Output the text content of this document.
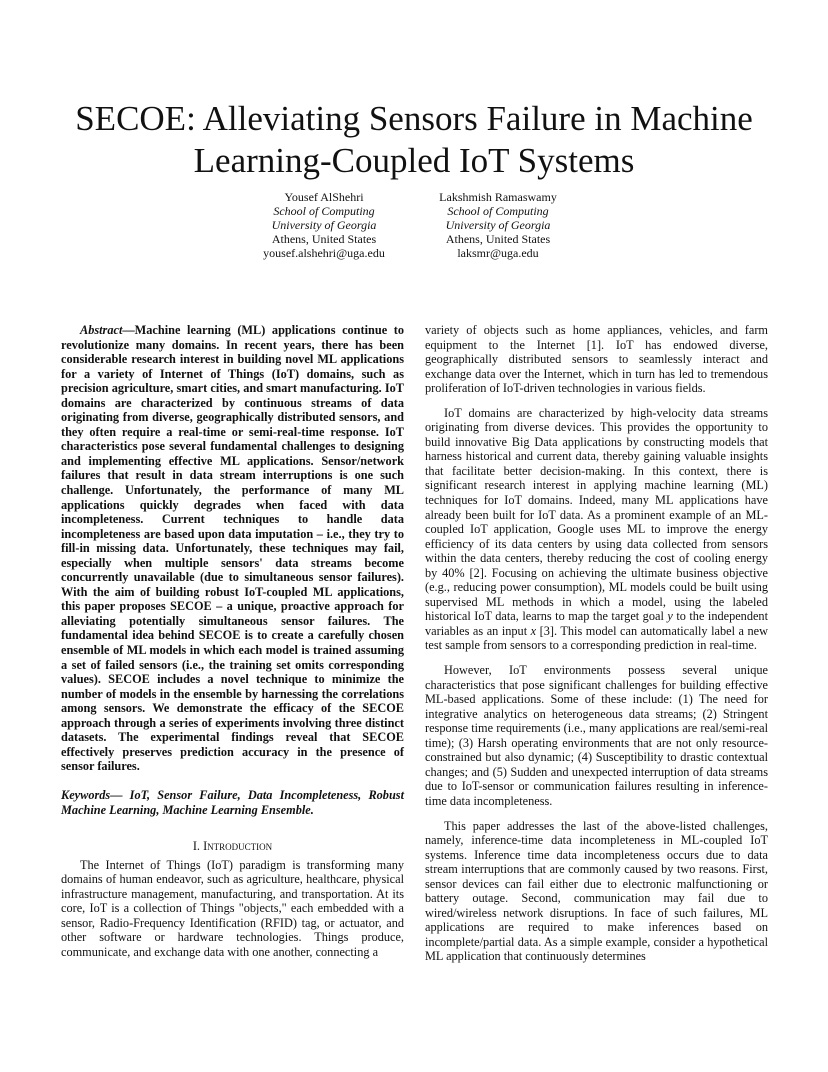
SECOE: Alleviating Sensors Failure in Machine Learning-Coupled IoT Systems
Yousef AlShehri
School of Computing
University of Georgia
Athens, United States
yousef.alshehri@uga.edu
Lakshmish Ramaswamy
School of Computing
University of Georgia
Athens, United States
laksmr@uga.edu

Abstract—Machine learning (ML) applications continue to revolutionize many domains. In recent years, there has been considerable research interest in building novel ML applications for a variety of Internet of Things (IoT) domains, such as precision agriculture, smart cities, and smart manufacturing. IoT domains are characterized by continuous streams of data originating from diverse, geographically distributed sensors, and they often require a real-time or semi-real-time response. IoT characteristics pose several fundamental challenges to designing and implementing effective ML applications. Sensor/network failures that result in data stream interruptions is one such challenge. Unfortunately, the performance of many ML applications quickly degrades when faced with data incompleteness. Current techniques to handle data incompleteness are based upon data imputation – i.e., they try to fill-in missing data. Unfortunately, these techniques may fail, especially when multiple sensors' data streams become concurrently unavailable (due to simultaneous sensor failures). With the aim of building robust IoT-coupled ML applications, this paper proposes SECOE – a unique, proactive approach for alleviating potentially simultaneous sensor failures. The fundamental idea behind SECOE is to create a carefully chosen ensemble of ML models in which each model is trained assuming a set of failed sensors (i.e., the training set omits corresponding values). SECOE includes a novel technique to minimize the number of models in the ensemble by harnessing the correlations among sensors. We demonstrate the efficacy of the SECOE approach through a series of experiments involving three distinct datasets. The experimental findings reveal that SECOE effectively preserves prediction accuracy in the presence of sensor failures.

Keywords— IoT, Sensor Failure, Data Incompleteness, Robust Machine Learning, Machine Learning Ensemble.

I. Introduction

The Internet of Things (IoT) paradigm is transforming many domains of human endeavor, such as agriculture, healthcare, physical infrastructure management, manufacturing, and transportation. At its core, IoT is a collection of Things "objects," each embedded with a sensor, Radio-Frequency Identification (RFID) tag, or actuator, and other software or hardware technologies. Things produce, communicate, and exchange data with one another, connecting a

variety of objects such as home appliances, vehicles, and farm equipment to the Internet [1]. IoT has endowed diverse, geographically distributed sensors to seamlessly interact and exchange data over the Internet, which in turn has led to tremendous proliferation of IoT-driven technologies in various fields.

IoT domains are characterized by high-velocity data streams originating from diverse devices. This provides the opportunity to build innovative Big Data applications by constructing models that harness historical and current data, thereby gaining valuable insights that facilitate better decision-making. In this context, there is significant research interest in applying machine learning (ML) techniques for IoT domains. Indeed, many ML applications have already been built for IoT data. As a prominent example of an ML-coupled IoT application, Google uses ML to improve the energy efficiency of its data centers by using data collected from sensors within the data centers, thereby reducing the cost of cooling energy by 40% [2]. Focusing on achieving the ultimate business objective (e.g., reducing power consumption), ML models could be built using supervised ML methods in which a model, using the labeled historical IoT data, learns to map the target goal y to the independent variables as an input x [3]. This model can automatically label a new test sample from sensors to a corresponding prediction in real-time.

However, IoT environments possess several unique characteristics that pose significant challenges for building effective ML-based applications. Some of these include: (1) The need for integrative analytics on heterogeneous data streams; (2) Stringent response time requirements (i.e., many applications are real/semi-real time); (3) Harsh operating environments that are not only resource-constrained but also dynamic; (4) Susceptibility to drastic contextual changes; and (5) Sudden and unexpected interruption of data streams due to IoT-sensor or communication failures resulting in inference-time data incompleteness.

This paper addresses the last of the above-listed challenges, namely, inference-time data incompleteness in ML-coupled IoT systems. Inference time data incompleteness occurs due to data stream interruptions that are commonly caused by two reasons. First, sensor devices can fail either due to electronic malfunctioning or battery outage. Second, communication may fail due to wired/wireless network disruptions. In face of such failures, ML applications are required to make inferences based on incomplete/partial data. As a simple example, consider a hypothetical ML application that continuously determines
